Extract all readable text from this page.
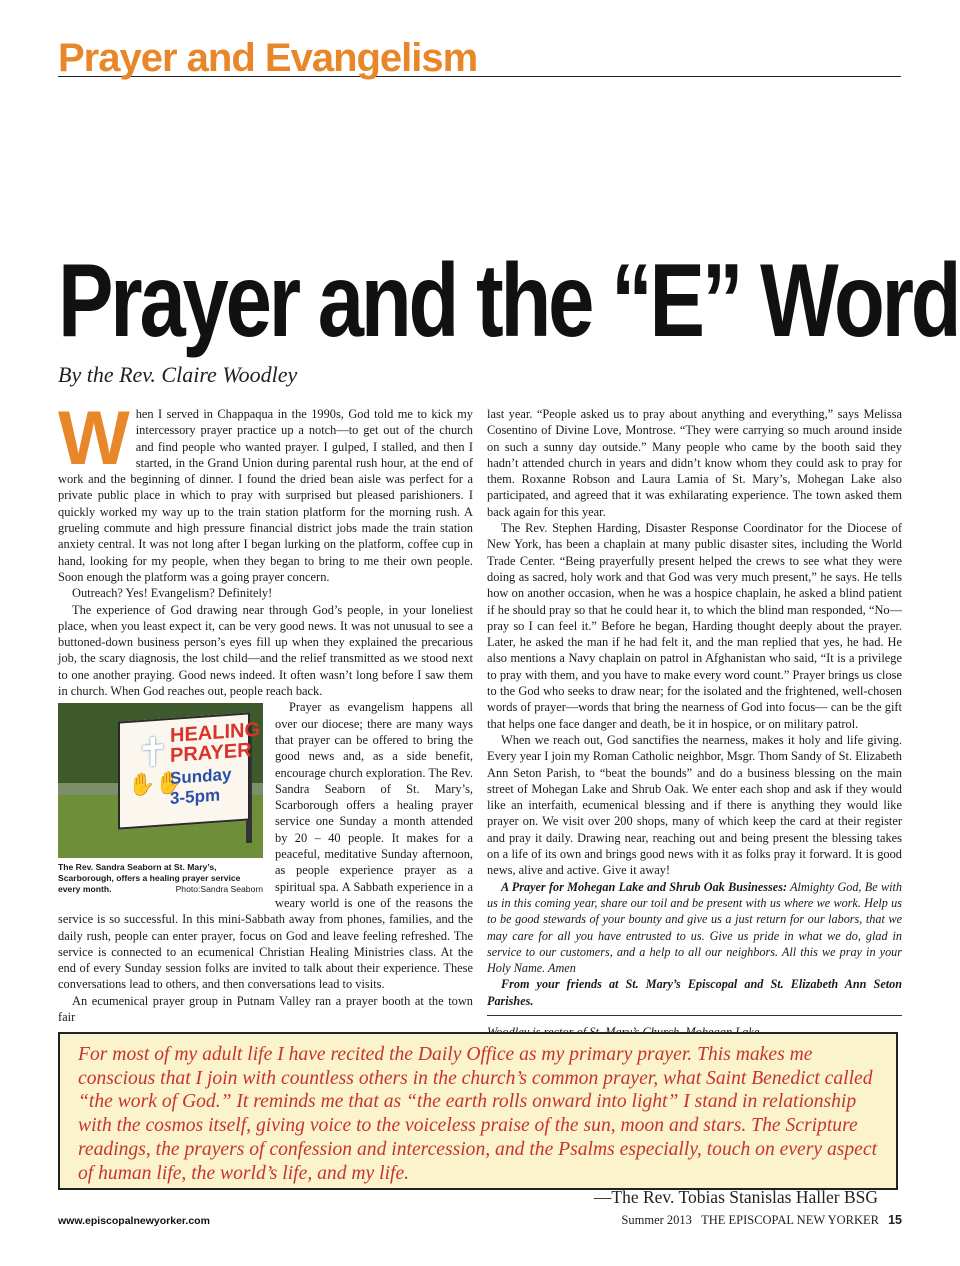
Prayer and Evangelism
Prayer and the “E” Word
By the Rev. Claire Woodley

When I served in Chappaqua in the 1990s, God told me to kick my intercessory prayer practice up a notch—to get out of the church and find people who wanted prayer. I gulped, I stalled, and then I started, in the Grand Union during parental rush hour, at the end of work and the beginning of dinner. I found the dried bean aisle was perfect for a private public place in which to pray with surprised but pleased parishioners. I quickly worked my way up to the train station platform for the morning rush. A grueling commute and high pressure financial district jobs made the train station anxiety central. It was not long after I began lurking on the platform, coffee cup in hand, looking for my people, when they began to bring to me their own people. Soon enough the platform was a going prayer concern.

Outreach? Yes! Evangelism? Definitely!

The experience of God drawing near through God’s people, in your loneliest place, when you least expect it, can be very good news. It was not unusual to see a buttoned-down business person’s eyes fill up when they explained the precarious job, the scary diagnosis, the lost child—and the relief transmitted as we stood next to one another praying. Good news indeed. It often wasn’t long before I saw them in church. When God reaches out, people reach back.

✝
✋✋
HEALING
PRAYER
Sunday
3-5pm
The Rev. Sandra Seaborn at St. Mary’s, Scarborough, offers a healing prayer service every month.	Photo:Sandra Seaborn

Prayer as evangelism happens all over our diocese; there are many ways that prayer can be offered to bring the good news and, as a side benefit, encourage church exploration. The Rev. Sandra Seaborn of St. Mary’s, Scarborough offers a healing prayer service one Sunday a month attended by 20 – 40 people. It makes for a peaceful, meditative Sunday afternoon, as people experience prayer as a spiritual spa. A Sabbath experience in a weary world is one of the reasons the service is so successful. In this mini-Sabbath away from phones, families, and the daily rush, people can enter prayer, focus on God and leave feeling refreshed. The service is connected to an ecumenical Christian Healing Ministries class. At the end of every Sunday session folks are invited to talk about their experience. These conversations lead to others, and then conversations lead to visits.

An ecumenical prayer group in Putnam Valley ran a prayer booth at the town fair

last year. “People asked us to pray about anything and everything,” says Melissa Cosentino of Divine Love, Montrose. “They were carrying so much around inside on such a sunny day outside.” Many people who came by the booth said they hadn’t attended church in years and didn’t know whom they could ask to pray for them. Roxanne Robson and Laura Lamia of St. Mary’s, Mohegan Lake also participated, and agreed that it was exhilarating experience. The town asked them back again for this year.

The Rev. Stephen Harding, Disaster Response Coordinator for the Diocese of New York, has been a chaplain at many public disaster sites, including the World Trade Center. “Being prayerfully present helped the crews to see what they were doing as sacred, holy work and that God was very much present,” he says. He tells how on another occasion, when he was a hospice chaplain, he asked a blind patient if he should pray so that he could hear it, to which the blind man responded, “No—pray so I can feel it.” Before he began, Harding thought deeply about the prayer. Later, he asked the man if he had felt it, and the man replied that yes, he had. He also mentions a Navy chaplain on patrol in Afghanistan who said, “It is a privilege to pray with them, and you have to make every word count.” Prayer brings us close to the God who seeks to draw near; for the isolated and the frightened, well-chosen words of prayer—words that bring the nearness of God into focus— can be the gift that helps one face danger and death, be it in hospice, or on military patrol.

When we reach out, God sanctifies the nearness, makes it holy and life giving. Every year I join my Roman Catholic neighbor, Msgr. Thom Sandy of St. Elizabeth Ann Seton Parish, to “beat the bounds” and do a business blessing on the main street of Mohegan Lake and Shrub Oak. We enter each shop and ask if they would like an interfaith, ecumenical blessing and if there is anything they would like prayer on. We visit over 200 shops, many of which keep the card at their register and pray it daily. Drawing near, reaching out and being present the blessing takes on a life of its own and brings good news with it as folks pray it forward. It is good news, alive and active. Give it away!

A Prayer for Mohegan Lake and Shrub Oak Businesses: Almighty God, Be with us in this coming year, share our toil and be present with us where we work. Help us to be good stewards of your bounty and give us a just return for our labors, that we may care for all you have entrusted to us. Give us pride in what we do, glad in service to our customers, and a help to all our neighbors. All this we pray in your Holy Name. Amen

From your friends at St. Mary’s Episcopal and St. Elizabeth Ann Seton Parishes.

For most of my adult life I have recited the Daily Office as my primary prayer. This makes me conscious that I join with countless others in the church’s common prayer, what Saint Benedict called “the work of God.” It reminds me that as “the earth rolls onward into light” I stand in relationship with the cosmos itself, giving voice to the voiceless praise of the sun, moon and stars. The Scripture readings, the prayers of confession and intercession, and the Psalms especially, touch on every aspect of human life, the world’s life, and my life.
—The Rev. Tobias Stanislas Haller BSG
www.episcopalnewyorker.com	Summer 2013 THE EPISCOPAL NEW YORKER 15
